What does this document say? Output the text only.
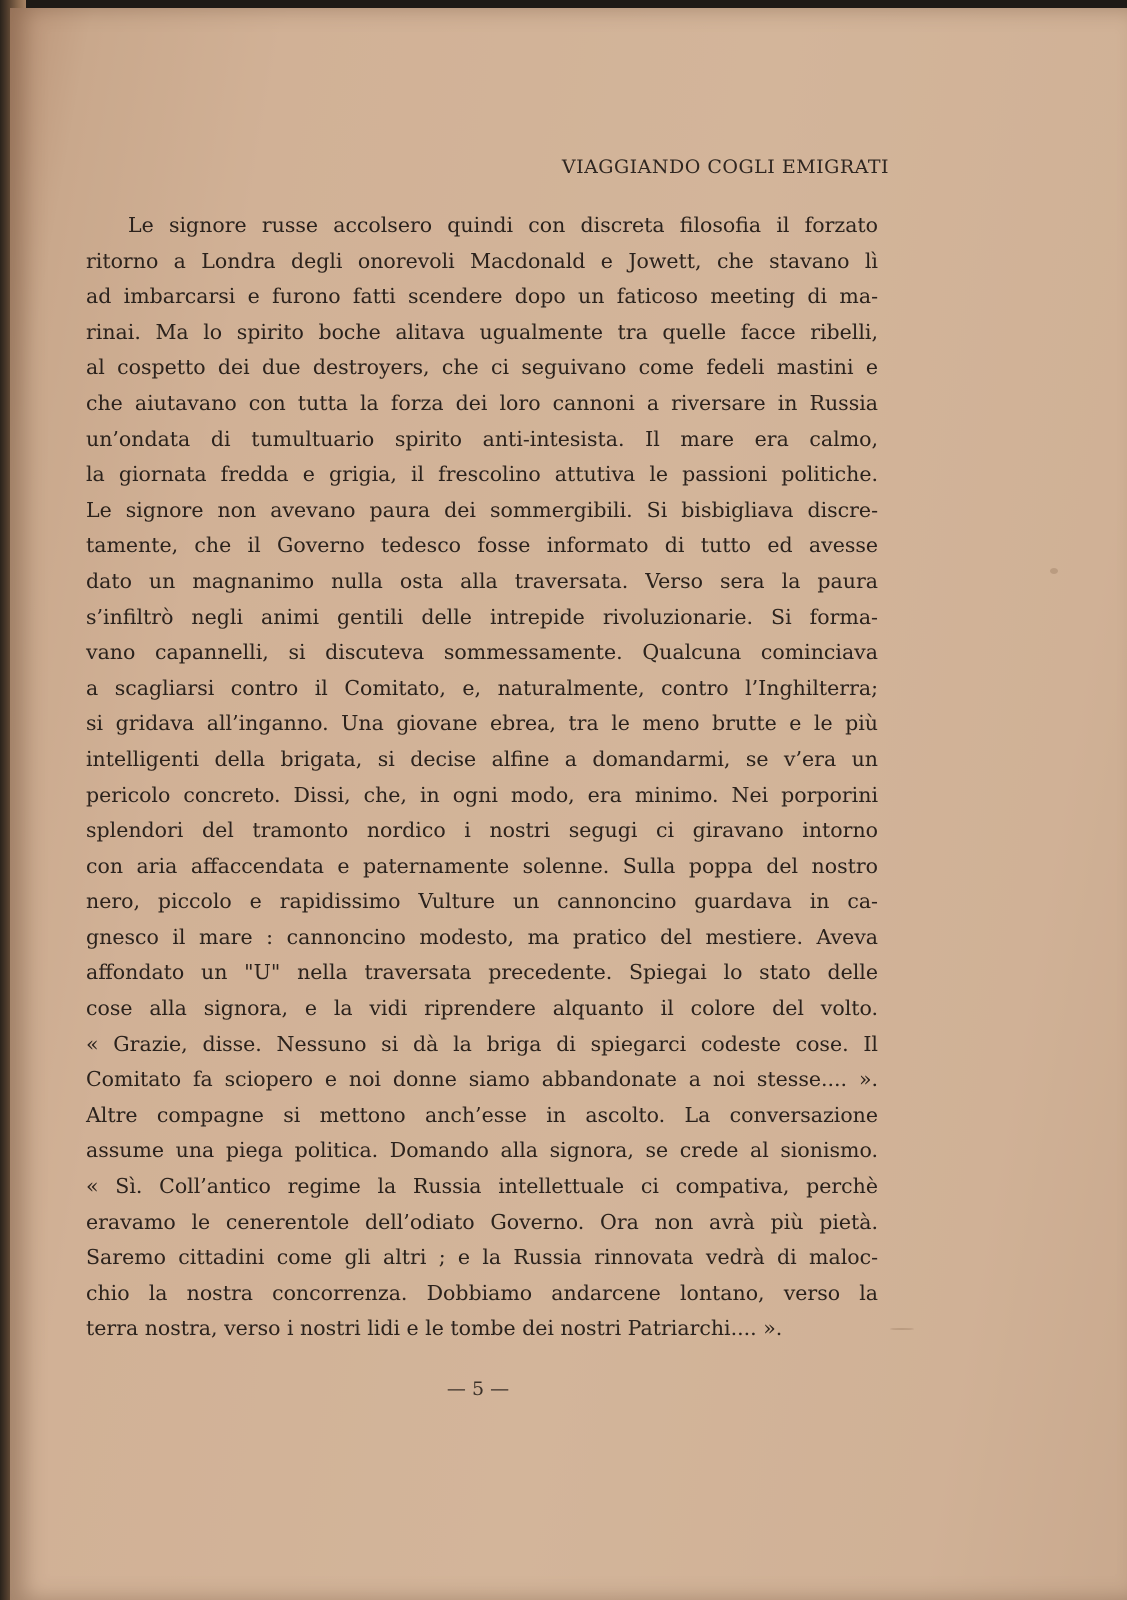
VIAGGIANDO COGLI EMIGRATI
Le signore russe accolsero quindi con discreta filosofia il forzato
ritorno a Londra degli onorevoli Macdonald e Jowett, che stavano lì
ad imbarcarsi e furono fatti scendere dopo un faticoso meeting di ma-
rinai. Ma lo spirito boche alitava ugualmente tra quelle facce ribelli,
al cospetto dei due destroyers, che ci seguivano come fedeli mastini e
che aiutavano con tutta la forza dei loro cannoni a riversare in Russia
un’ondata di tumultuario spirito anti-intesista. Il mare era calmo,
la giornata fredda e grigia, il frescolino attutiva le passioni politiche.
Le signore non avevano paura dei sommergibili. Si bisbigliava discre-
tamente, che il Governo tedesco fosse informato di tutto ed avesse
dato un magnanimo nulla osta alla traversata. Verso sera la paura
s’infiltrò negli animi gentili delle intrepide rivoluzionarie. Si forma-
vano capannelli, si discuteva sommessamente. Qualcuna cominciava
a scagliarsi contro il Comitato, e, naturalmente, contro l’Inghilterra;
si gridava all’inganno. Una giovane ebrea, tra le meno brutte e le più
intelligenti della brigata, si decise alfine a domandarmi, se v’era un
pericolo concreto. Dissi, che, in ogni modo, era minimo. Nei porporini
splendori del tramonto nordico i nostri segugi ci giravano intorno
con aria affaccendata e paternamente solenne. Sulla poppa del nostro
nero, piccolo e rapidissimo Vulture un cannoncino guardava in ca-
gnesco il mare : cannoncino modesto, ma pratico del mestiere. Aveva
affondato un "U" nella traversata precedente. Spiegai lo stato delle
cose alla signora, e la vidi riprendere alquanto il colore del volto.
« Grazie, disse. Nessuno si dà la briga di spiegarci codeste cose. Il
Comitato fa sciopero e noi donne siamo abbandonate a noi stesse.... ».
Altre compagne si mettono anch’esse in ascolto. La conversazione
assume una piega politica. Domando alla signora, se crede al sionismo.
« Sì. Coll’antico regime la Russia intellettuale ci compativa, perchè
eravamo le cenerentole dell’odiato Governo. Ora non avrà più pietà.
Saremo cittadini come gli altri ; e la Russia rinnovata vedrà di maloc-
chio la nostra concorrenza. Dobbiamo andarcene lontano, verso la
terra nostra, verso i nostri lidi e le tombe dei nostri Patriarchi.... ».
— 5 —
